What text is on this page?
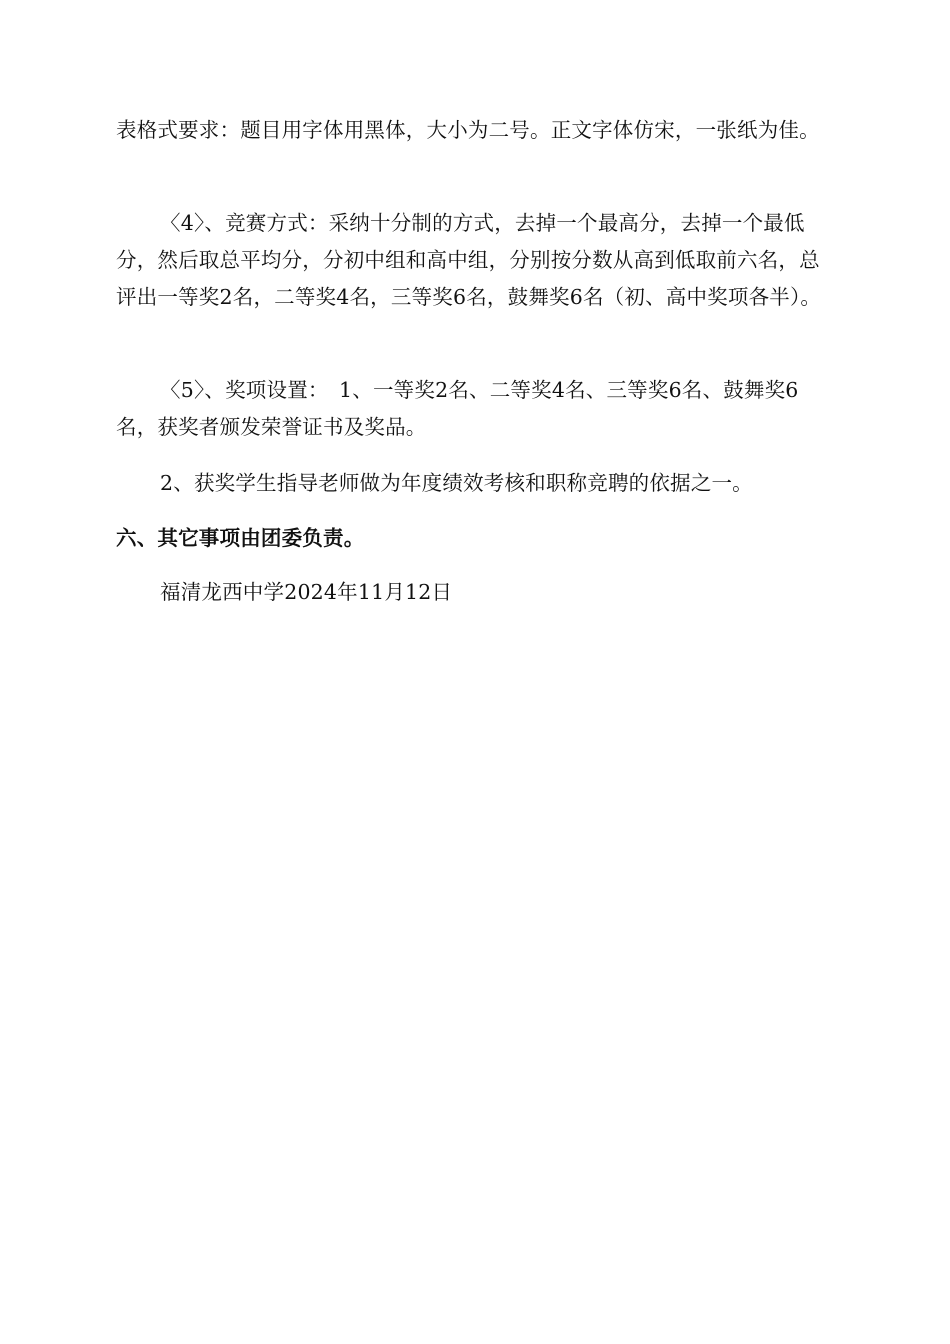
表格式要求：题目用字体用黑体，大小为二号。正文字体仿宋，一张纸为佳。
〈4〉、竞赛方式：采纳十分制的方式，去掉一个最高分，去掉一个最低分，然后取总平均分，分初中组和高中组，分别按分数从高到低取前六名，总评出一等奖2名，二等奖4名，三等奖6名，鼓舞奖6名（初、高中奖项各半）。
〈5〉、奖项设置：　1、一等奖2名、二等奖4名、三等奖6名、鼓舞奖6名，获奖者颁发荣誉证书及奖品。
2、获奖学生指导老师做为年度绩效考核和职称竞聘的依据之一。
六、其它事项由团委负责。
福清龙西中学2024年11月12日
